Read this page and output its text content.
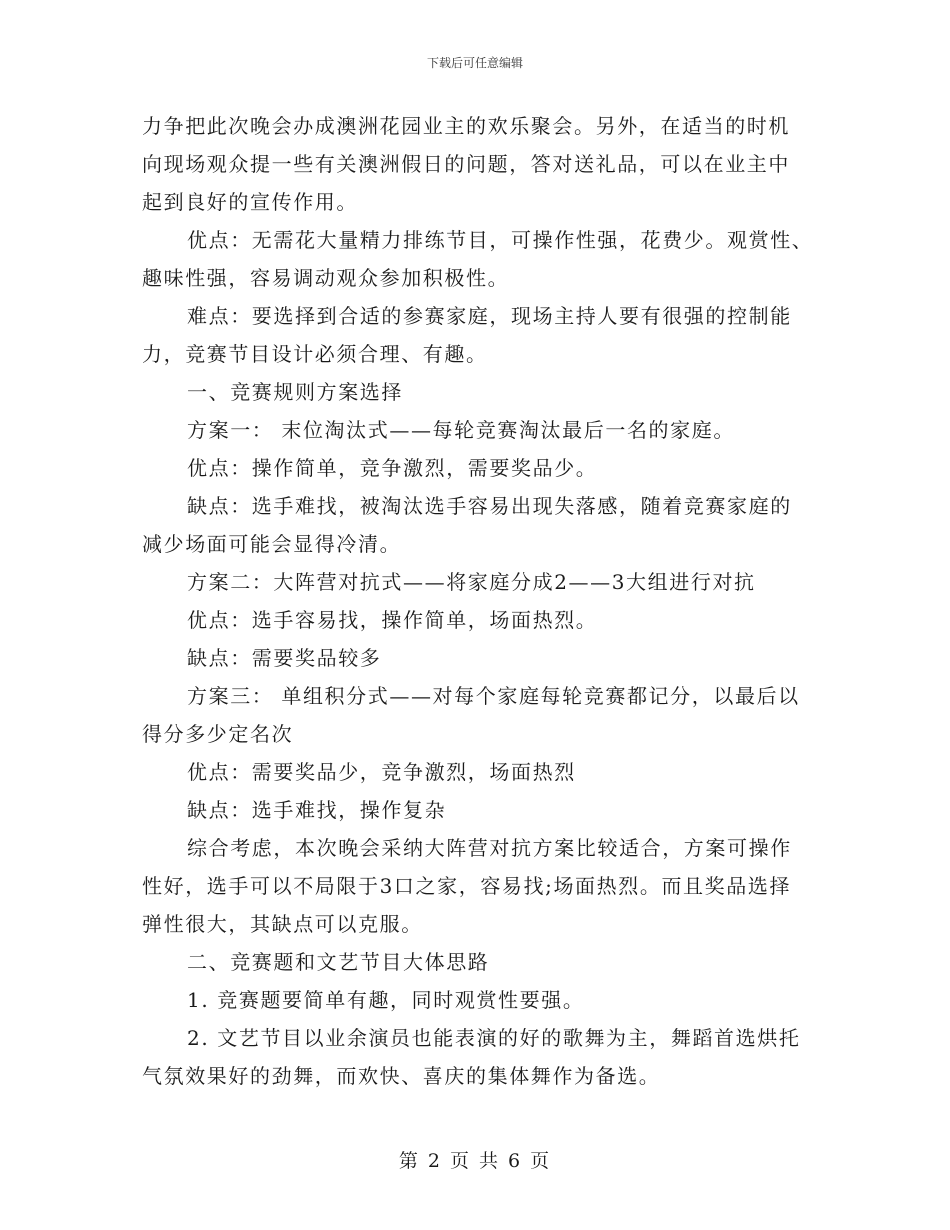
下载后可任意编辑

力争把此次晚会办成澳洲花园业主的欢乐聚会。另外，在适当的时机

向现场观众提一些有关澳洲假日的问题，答对送礼品，可以在业主中

起到良好的宣传作用。

优点：无需花大量精力排练节目，可操作性强，花费少。观赏性、

趣味性强，容易调动观众参加积极性。

难点：要选择到合适的参赛家庭，现场主持人要有很强的控制能

力，竞赛节目设计必须合理、有趣。

一、竞赛规则方案选择

方案一： 末位淘汰式——每轮竞赛淘汰最后一名的家庭。

优点：操作简单，竞争激烈，需要奖品少。

缺点：选手难找，被淘汰选手容易出现失落感，随着竞赛家庭的

减少场面可能会显得冷清。

方案二：大阵营对抗式——将家庭分成2——3大组进行对抗

优点：选手容易找，操作简单，场面热烈。

缺点：需要奖品较多

方案三： 单组积分式——对每个家庭每轮竞赛都记分，以最后以

得分多少定名次

优点：需要奖品少，竞争激烈，场面热烈

缺点：选手难找，操作复杂

综合考虑，本次晚会采纳大阵营对抗方案比较适合，方案可操作

性好，选手可以不局限于3口之家，容易找;场面热烈。而且奖品选择

弹性很大，其缺点可以克服。

二、竞赛题和文艺节目大体思路

1. 竞赛题要简单有趣，同时观赏性要强。

2. 文艺节目以业余演员也能表演的好的歌舞为主，舞蹈首选烘托

气氛效果好的劲舞，而欢快、喜庆的集体舞作为备选。

第 2 页 共 6 页
